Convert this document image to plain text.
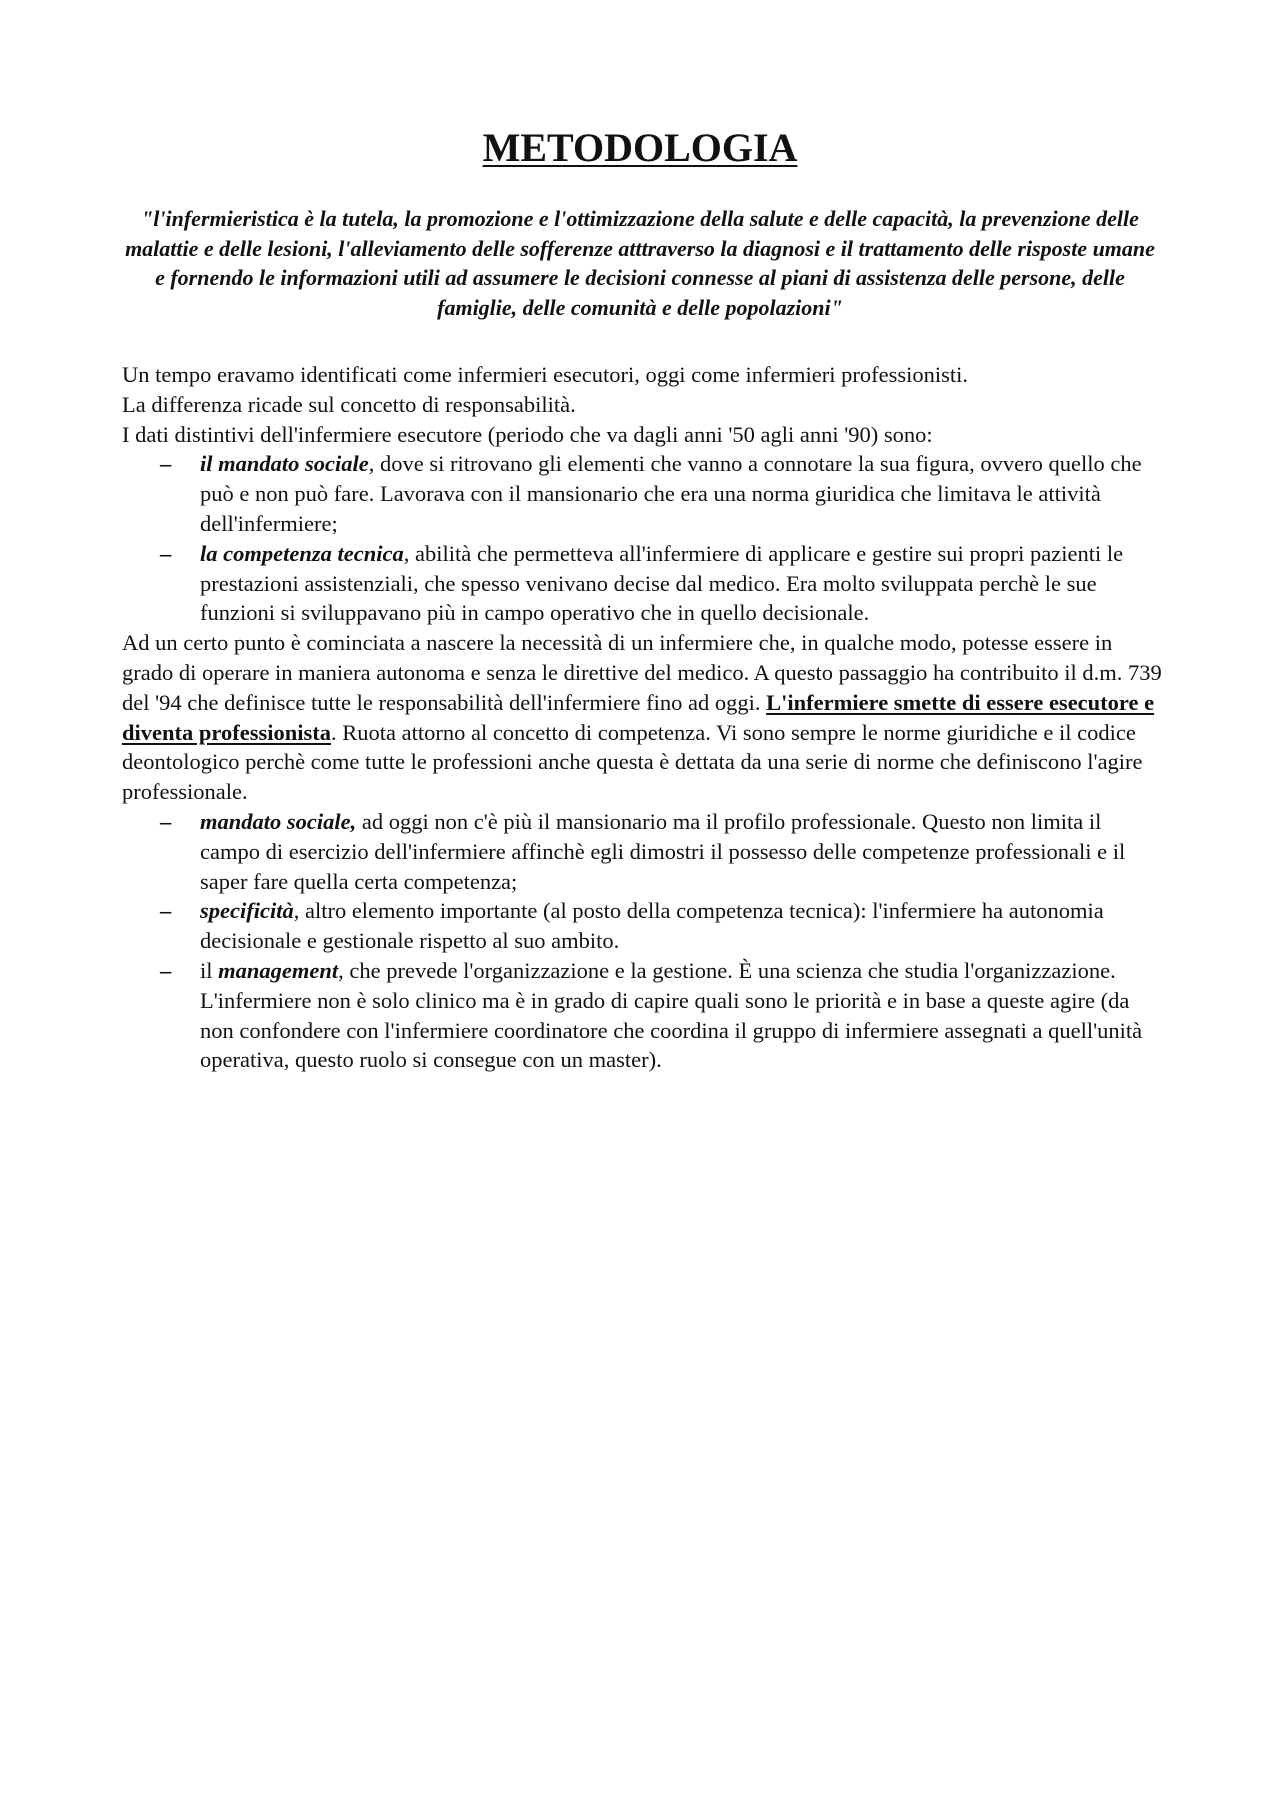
METODOLOGIA

"l'infermieristica è la tutela, la promozione e l'ottimizzazione della salute e delle capacità, la prevenzione delle malattie e delle lesioni, l'alleviamento delle sofferenze atttraverso la diagnosi e il trattamento delle risposte umane e fornendo le informazioni utili ad assumere le decisioni connesse al piani di assistenza delle persone, delle famiglie, delle comunità e delle popolazioni"

Un tempo eravamo identificati come infermieri esecutori, oggi come infermieri professionisti.

La differenza ricade sul concetto di responsabilità.

I dati distintivi dell'infermiere esecutore (periodo che va dagli anni '50 agli anni '90) sono:

– il mandato sociale, dove si ritrovano gli elementi che vanno a connotare la sua figura, ovvero quello che può e non può fare. Lavorava con il mansionario che era una norma giuridica che limitava le attività dell'infermiere;
– la competenza tecnica, abilità che permetteva all'infermiere di applicare e gestire sui propri pazienti le prestazioni assistenziali, che spesso venivano decise dal medico. Era molto sviluppata perchè le sue funzioni si sviluppavano più in campo operativo che in quello decisionale.

Ad un certo punto è cominciata a nascere la necessità di un infermiere che, in qualche modo, potesse essere in grado di operare in maniera autonoma e senza le direttive del medico. A questo passaggio ha contribuito il d.m. 739 del '94 che definisce tutte le responsabilità dell'infermiere fino ad oggi. L'infermiere smette di essere esecutore e diventa professionista. Ruota attorno al concetto di competenza. Vi sono sempre le norme giuridiche e il codice deontologico perchè come tutte le professioni anche questa è dettata da una serie di norme che definiscono l'agire professionale.

– mandato sociale, ad oggi non c'è più il mansionario ma il profilo professionale. Questo non limita il campo di esercizio dell'infermiere affinchè egli dimostri il possesso delle competenze professionali e il saper fare quella certa competenza;
– specificità, altro elemento importante (al posto della competenza tecnica): l'infermiere ha autonomia decisionale e gestionale rispetto al suo ambito.
– il management, che prevede l'organizzazione e la gestione. È una scienza che studia l'organizzazione. L'infermiere non è solo clinico ma è in grado di capire quali sono le priorità e in base a queste agire (da non confondere con l'infermiere coordinatore che coordina il gruppo di infermiere assegnati a quell'unità operativa, questo ruolo si consegue con un master).
